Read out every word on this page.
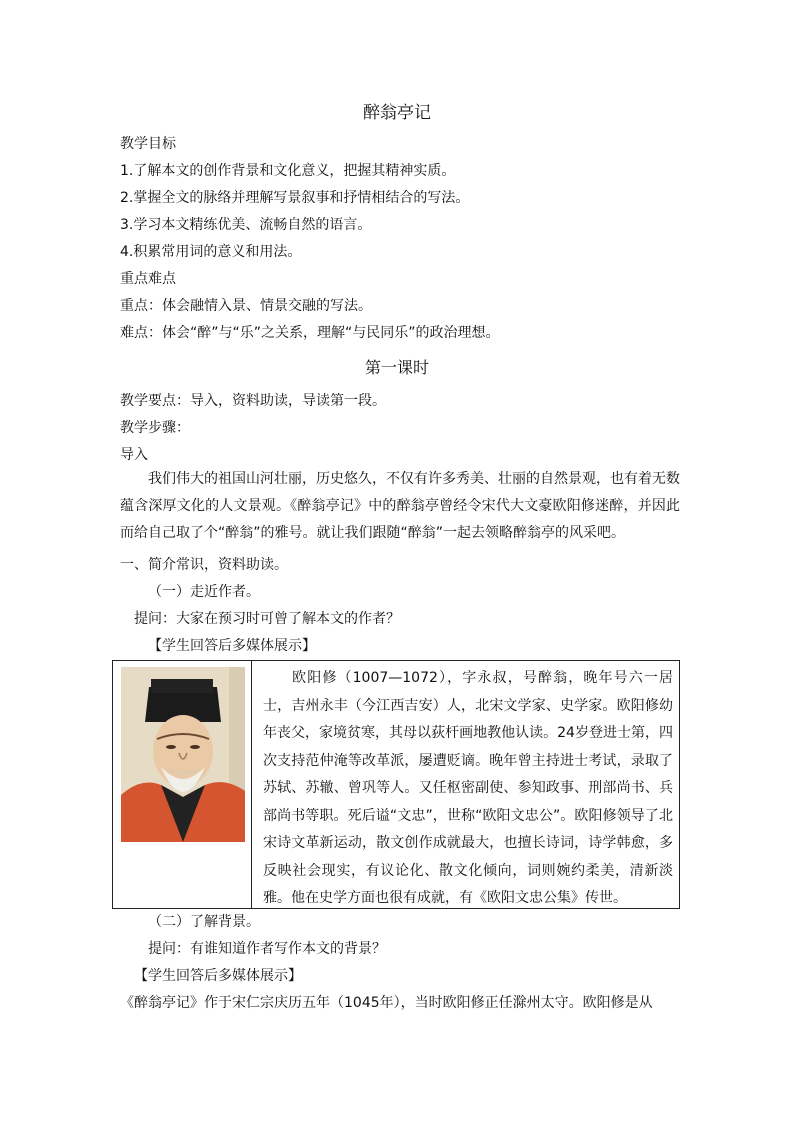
醉翁亭记
教学目标
1.了解本文的创作背景和文化意义，把握其精神实质。
2.掌握全文的脉络并理解写景叙事和抒情相结合的写法。
3.学习本文精练优美、流畅自然的语言。
4.积累常用词的意义和用法。
重点难点
重点：体会融情入景、情景交融的写法。
难点：体会“醉”与“乐”之关系，理解“与民同乐”的政治理想。
第一课时
教学要点：导入，资料助读，导读第一段。
教学步骤：
导入
我们伟大的祖国山河壮丽，历史悠久，不仅有许多秀美、壮丽的自然景观，也有着无数蕴含深厚文化的人文景观。《醉翁亭记》中的醉翁亭曾经令宋代大文豪欧阳修迷醉，并因此而给自己取了个“醉翁”的雅号。就让我们跟随“醉翁”一起去领略醉翁亭的风采吧。
一、简介常识，资料助读。
（一）走近作者。
提问：大家在预习时可曾了解本文的作者？
【学生回答后多媒体展示】
欧阳修（1007—1072），字永叔，号醉翁，晚年号六一居士，吉州永丰（今江西吉安）人，北宋文学家、史学家。欧阳修幼年丧父，家境贫寒，其母以荻杆画地教他认读。24岁登进士第，四次支持范仲淹等改革派，屡遭贬谪。晚年曾主持进士考试，录取了苏轼、苏辙、曾巩等人。又任枢密副使、参知政事、刑部尚书、兵部尚书等职。死后谥“文忠”，世称“欧阳文忠公”。欧阳修领导了北宋诗文革新运动，散文创作成就最大，也擅长诗词，诗学韩愈，多反映社会现实，有议论化、散文化倾向，词则婉约柔美，清新淡雅。他在史学方面也很有成就，有《欧阳文忠公集》传世。
（二）了解背景。
提问：有谁知道作者写作本文的背景？
【学生回答后多媒体展示】
《醉翁亭记》作于宋仁宗庆历五年（1045年），当时欧阳修正任滁州太守。欧阳修是从
